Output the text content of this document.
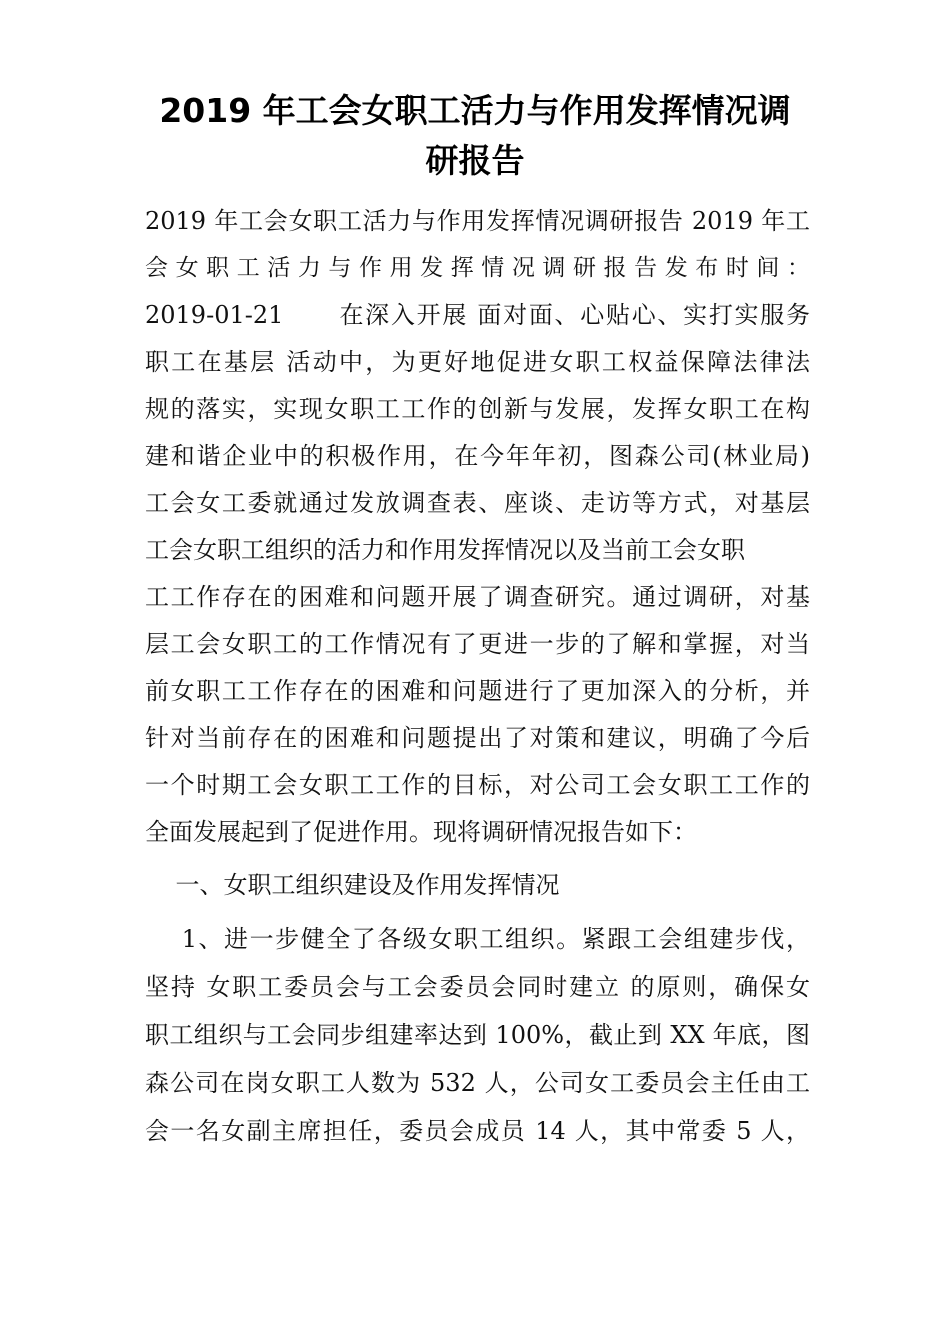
2019 年工会女职工活力与作用发挥情况调
研报告
2019 年工会女职工活力与作用发挥情况调研报告 2019 年工
会 女 职 工 活 力 与 作 用 发 挥 情 况 调 研 报 告 发 布 时 间 ：
2019-01-21      在深入开展 面对面、心贴心、实打实服务
职工在基层 活动中，为更好地促进女职工权益保障法律法
规的落实，实现女职工工作的创新与发展，发挥女职工在构
建和谐企业中的积极作用，在今年年初，图森公司(林业局)
工会女工委就通过发放调查表、座谈、走访等方式，对基层
工会女职工组织的活力和作用发挥情况以及当前工会女职
工工作存在的困难和问题开展了调查研究。通过调研，对基
层工会女职工的工作情况有了更进一步的了解和掌握，对当
前女职工工作存在的困难和问题进行了更加深入的分析，并
针对当前存在的困难和问题提出了对策和建议，明确了今后
一个时期工会女职工工作的目标，对公司工会女职工工作的
全面发展起到了促进作用。现将调研情况报告如下：
一、女职工组织建设及作用发挥情况
1、进一步健全了各级女职工组织。紧跟工会组建步伐，
坚持 女职工委员会与工会委员会同时建立 的原则，确保女
职工组织与工会同步组建率达到 100%，截止到 XX 年底，图
森公司在岗女职工人数为 532 人，公司女工委员会主任由工
会一名女副主席担任，委员会成员 14 人，其中常委 5 人，
